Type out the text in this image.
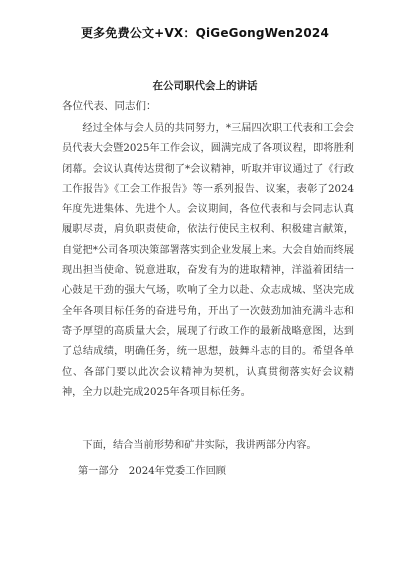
更多免费公文+VX：QiGeGongWen2024
在公司职代会上的讲话
各位代表、同志们：

经过全体与会人员的共同努力，*三届四次职工代表和工会会员代表大会暨2025年工作会议，圆满完成了各项议程，即将胜利闭幕。会议认真传达贯彻了*会议精神，听取并审议通过了《行政工作报告》《工会工作报告》等一系列报告、议案，表彰了2024年度先进集体、先进个人。会议期间，各位代表和与会同志认真履职尽责，肩负职责使命，依法行使民主权利、积极建言献策，自觉把*公司各项决策部署落实到企业发展上来。大会自始而终展现出担当使命、锐意进取，奋发有为的进取精神，洋溢着团结一心鼓足干劲的强大气场，吹响了全力以赴、众志成城、坚决完成全年各项目标任务的奋进号角，开出了一次鼓劲加油充满斗志和寄予厚望的高质量大会，展现了行政工作的最新战略意图，达到了总结成绩，明确任务，统一思想，鼓舞斗志的目的。希望各单位、各部门要以此次会议精神为契机，认真贯彻落实好会议精神，全力以赴完成2025年各项目标任务。

下面，结合当前形势和矿井实际，我讲两部分内容。

第一部分 2024年党委工作回顾
